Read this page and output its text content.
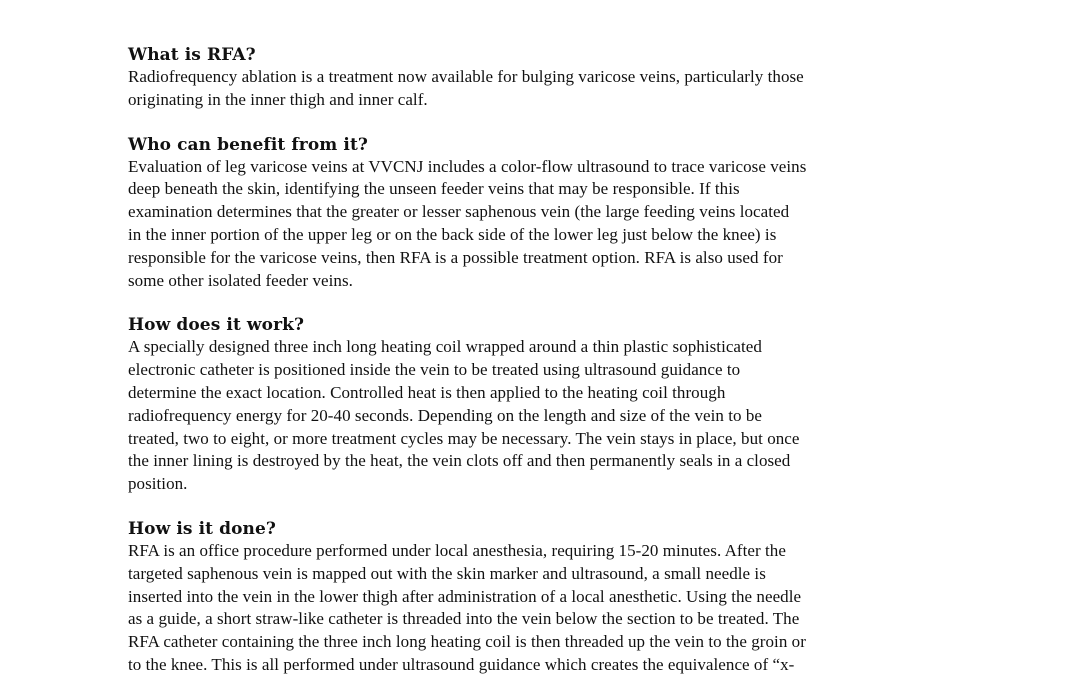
What is RFA?

Radiofrequency ablation is a treatment now available for bulging varicose veins, particularly those
originating in the inner thigh and inner calf.

Who can benefit from it?

Evaluation of leg varicose veins at VVCNJ includes a color-flow ultrasound to trace varicose veins
deep beneath the skin, identifying the unseen feeder veins that may be responsible. If this
examination determines that the greater or lesser saphenous vein (the large feeding veins located
in the inner portion of the upper leg or on the back side of the lower leg just below the knee) is
responsible for the varicose veins, then RFA is a possible treatment option. RFA is also used for
some other isolated feeder veins.

How does it work?

A specially designed three inch long heating coil wrapped around a thin plastic sophisticated
electronic catheter is positioned inside the vein to be treated using ultrasound guidance to
determine the exact location. Controlled heat is then applied to the heating coil through
radiofrequency energy for 20-40 seconds. Depending on the length and size of the vein to be
treated, two to eight, or more treatment cycles may be necessary. The vein stays in place, but once
the inner lining is destroyed by the heat, the vein clots off and then permanently seals in a closed
position.

How is it done?

RFA is an office procedure performed under local anesthesia, requiring 15-20 minutes. After the
targeted saphenous vein is mapped out with the skin marker and ultrasound, a small needle is
inserted into the vein in the lower thigh after administration of a local anesthetic. Using the needle
as a guide, a short straw-like catheter is threaded into the vein below the section to be treated. The
RFA catheter containing the three inch long heating coil is then threaded up the vein to the groin or
to the knee. This is all performed under ultrasound guidance which creates the equivalence of “x-
